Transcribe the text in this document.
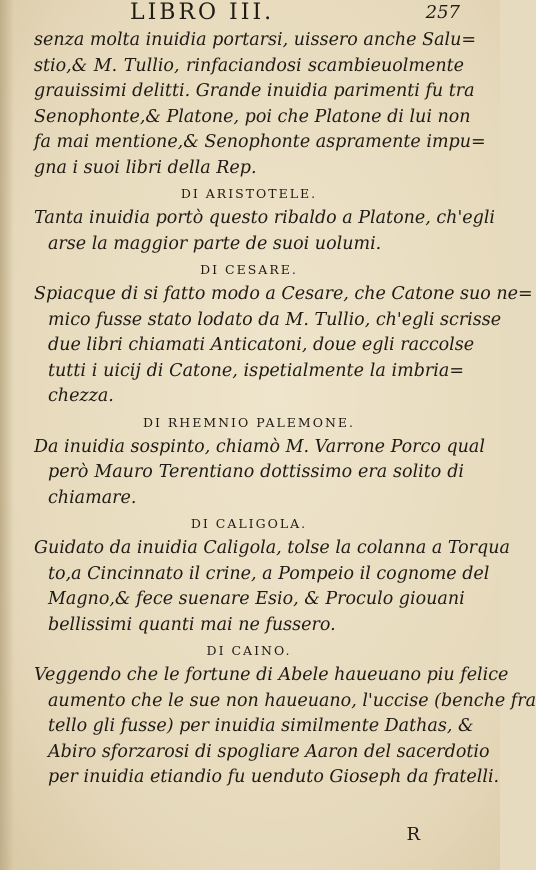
LIBRO III.	257
senza molta inuidia portarsi, uissero anche Salu=
stio,& M. Tullio, rinfaciandosi scambieuolmente
grauissimi delitti. Grande inuidia parimenti fu tra
Senophonte,& Platone, poi che Platone di lui non
fa mai mentione,& Senophonte aspramente impu=
gna i suoi libri della Rep.
DI ARISTOTELE.
Tanta inuidia portò questo ribaldo a Platone, ch'egli
arse la maggior parte de suoi uolumi.
DI CESARE.
Spiacque di si fatto modo a Cesare, che Catone suo ne=
mico fusse stato lodato da M. Tullio, ch'egli scrisse
due libri chiamati Anticatoni, doue egli raccolse
tutti i uicij di Catone, ispetialmente la imbria=
chezza.
DI RHEMNIO PALEMONE.
Da inuidia sospinto, chiamò M. Varrone Porco qual
però Mauro Terentiano dottissimo era solito di
chiamare.
DI CALIGOLA.
Guidato da inuidia Caligola, tolse la colanna a Torqua
to,a Cincinnato il crine, a Pompeio il cognome del
Magno,& fece suenare Esio, & Proculo giouani
bellissimi quanti mai ne fussero.
DI CAINO.
Veggendo che le fortune di Abele haueuano piu felice
aumento che le sue non haueuano, l'uccise (benche fra
tello gli fusse) per inuidia similmente Dathas, &
Abiro sforzarosi di spogliare Aaron del sacerdotio
per inuidia etiandio fu uenduto Gioseph da fratelli.
R
